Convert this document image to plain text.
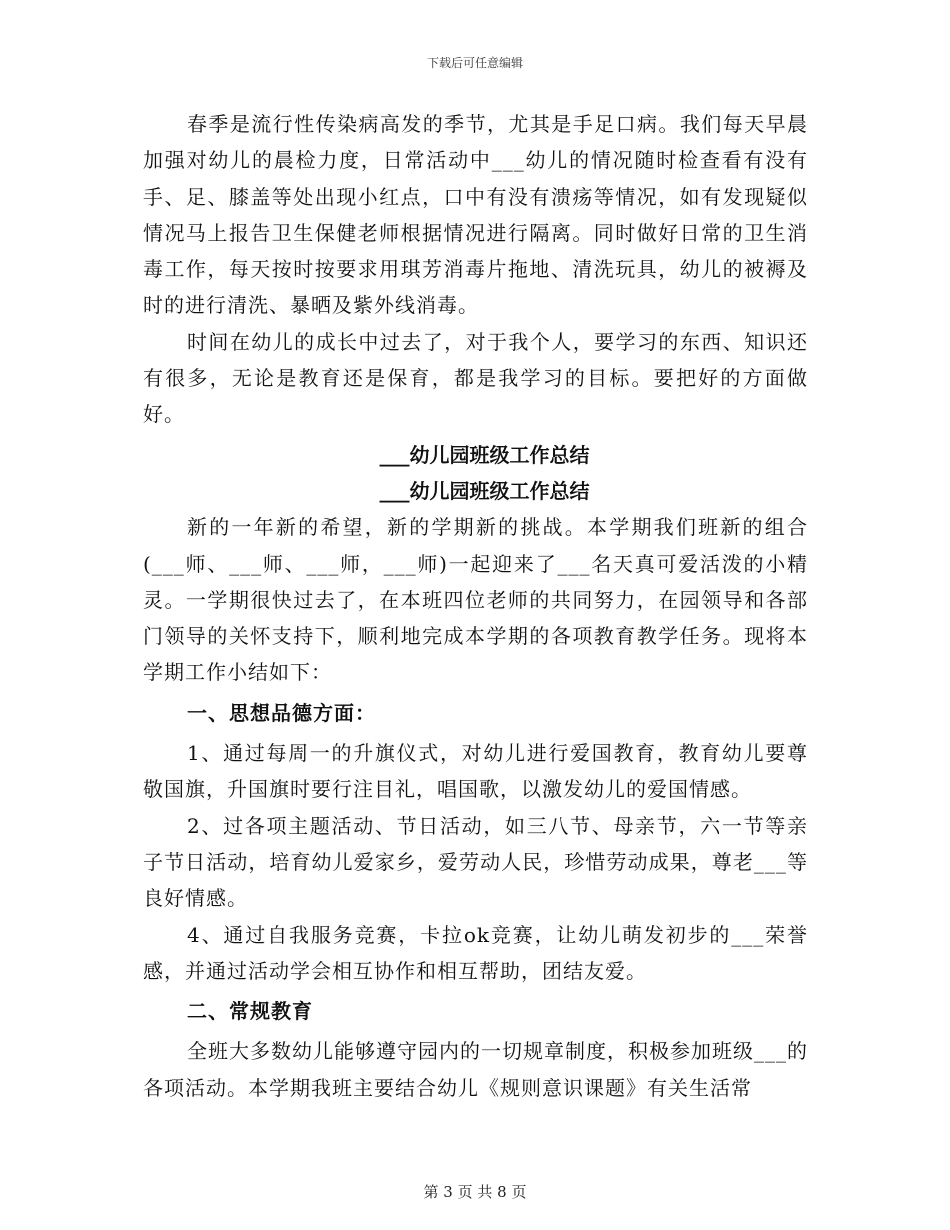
下载后可任意编辑

春季是流行性传染病高发的季节，尤其是手足口病。我们每天早晨加强对幼儿的晨检力度，日常活动中___幼儿的情况随时检查看有没有手、足、膝盖等处出现小红点，口中有没有溃疡等情况，如有发现疑似情况马上报告卫生保健老师根据情况进行隔离。同时做好日常的卫生消毒工作，每天按时按要求用琪芳消毒片拖地、清洗玩具，幼儿的被褥及时的进行清洗、暴晒及紫外线消毒。

时间在幼儿的成长中过去了，对于我个人，要学习的东西、知识还有很多，无论是教育还是保育，都是我学习的目标。要把好的方面做好。

___幼儿园班级工作总结

___幼儿园班级工作总结

新的一年新的希望，新的学期新的挑战。本学期我们班新的组合(___师、___师、___师，___师)一起迎来了___名天真可爱活泼的小精灵。一学期很快过去了，在本班四位老师的共同努力，在园领导和各部门领导的关怀支持下，顺利地完成本学期的各项教育教学任务。现将本学期工作小结如下：

一、思想品德方面：

1、通过每周一的升旗仪式，对幼儿进行爱国教育，教育幼儿要尊敬国旗，升国旗时要行注目礼，唱国歌，以激发幼儿的爱国情感。

2、过各项主题活动、节日活动，如三八节、母亲节，六一节等亲子节日活动，培育幼儿爱家乡，爱劳动人民，珍惜劳动成果，尊老___等良好情感。

4、通过自我服务竞赛，卡拉ok竞赛，让幼儿萌发初步的___荣誉感，并通过活动学会相互协作和相互帮助，团结友爱。

二、常规教育

全班大多数幼儿能够遵守园内的一切规章制度，积极参加班级___的各项活动。本学期我班主要结合幼儿《规则意识课题》有关生活常

第 3 页 共 8 页
